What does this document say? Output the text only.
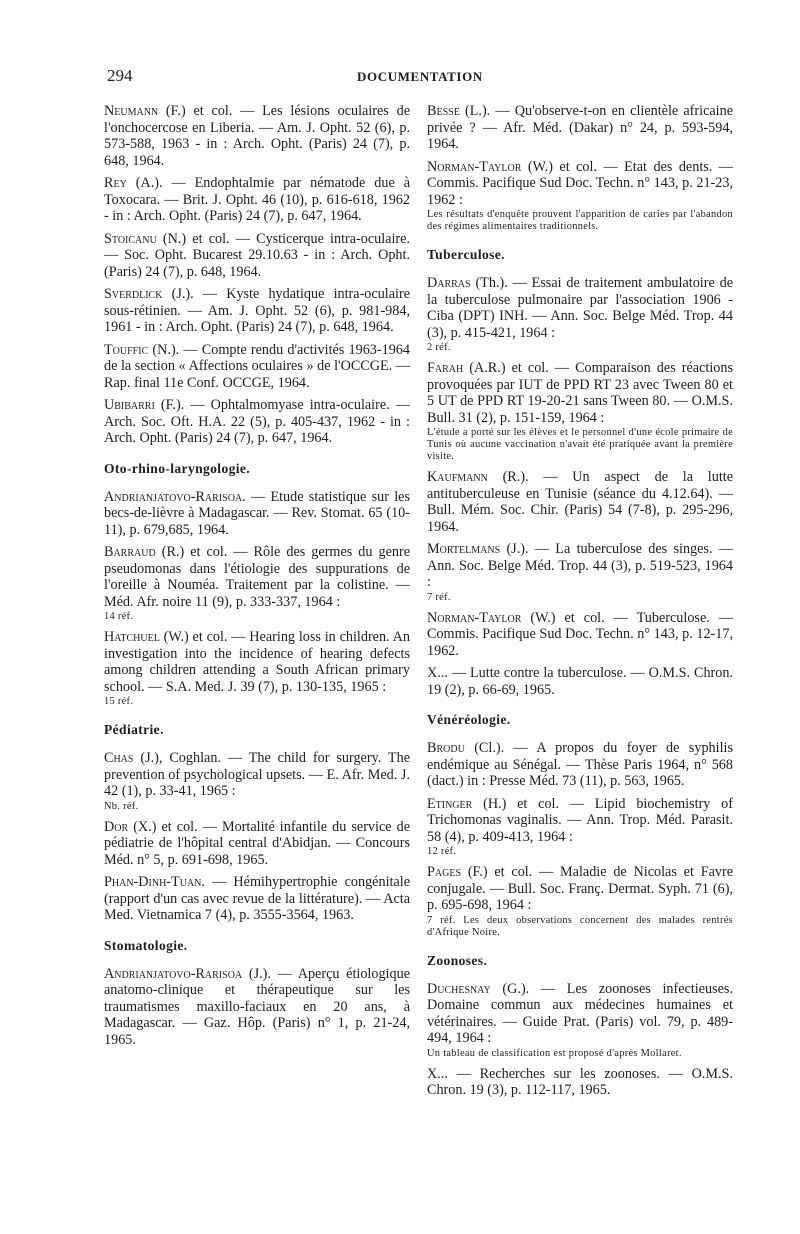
294	DOCUMENTATION
Neumann (F.) et col. — Les lésions oculaires de l'onchocercose en Liberia. — Am. J. Opht. 52 (6), p. 573-588, 1963 - in : Arch. Opht. (Paris) 24 (7), p. 648, 1964.
Rey (A.). — Endophtalmie par nématode due à Toxocara. — Brit. J. Opht. 46 (10), p. 616-618, 1962 - in : Arch. Opht. (Paris) 24 (7), p. 647, 1964.
Stoicanu (N.) et col. — Cysticerque intra-oculaire. — Soc. Opht. Bucarest 29.10.63 - in : Arch. Opht. (Paris) 24 (7), p. 648, 1964.
Sverdlick (J.). — Kyste hydatique intra-oculaire sous-rétinien. — Am. J. Opht. 52 (6), p. 981-984, 1961 - in : Arch. Opht. (Paris) 24 (7), p. 648, 1964.
Touffic (N.). — Compte rendu d'activités 1963-1964 de la section « Affections oculaires » de l'OCCGE. — Rap. final 11e Conf. OCCGE, 1964.
Ubibarri (F.). — Ophtalmomyase intra-oculaire. — Arch. Soc. Oft. H.A. 22 (5), p. 405-437, 1962 - in : Arch. Opht. (Paris) 24 (7), p. 647, 1964.
Oto-rhino-laryngologie.
Andrianjatovo-Rarisoa. — Etude statistique sur les becs-de-lièvre à Madagascar. — Rev. Stomat. 65 (10-11), p. 679,685, 1964.
Barraud (R.) et col. — Rôle des germes du genre pseudomonas dans l'étiologie des suppurations de l'oreille à Nouméa. Traitement par la colistine. — Méd. Afr. noire 11 (9), p. 333-337, 1964 :
14 réf.
Hatchuel (W.) et col. — Hearing loss in children. An investigation into the incidence of hearing defects among children attending a South African primary school. — S.A. Med. J. 39 (7), p. 130-135, 1965 :
15 réf.
Pédiatrie.
Chas (J.), Coghlan. — The child for surgery. The prevention of psychological upsets. — E. Afr. Med. J. 42 (1), p. 33-41, 1965 :
Nb. réf.
Dor (X.) et col. — Mortalité infantile du service de pédiatrie de l'hôpital central d'Abidjan. — Concours Méd. n° 5, p. 691-698, 1965.
Phan-Dinh-Tuan. — Hémihypertrophie congénitale (rapport d'un cas avec revue de la littérature). — Acta Med. Vietnamica 7 (4), p. 3555-3564, 1963.
Stomatologie.
Andrianjatovo-Rarisoa (J.). — Aperçu étiologique anatomo-clinique et thérapeutique sur les traumatismes maxillo-faciaux en 20 ans, à Madagascar. — Gaz. Hôp. (Paris) n° 1, p. 21-24, 1965.
Besse (L.). — Qu'observe-t-on en clientèle africaine privée ? — Afr. Méd. (Dakar) n° 24, p. 593-594, 1964.
Norman-Taylor (W.) et col. — Etat des dents. — Commis. Pacifique Sud Doc. Techn. n° 143, p. 21-23, 1962 :
Les résultats d'enquête prouvent l'apparition de caries par l'abandon des régimes alimentaires traditionnels.
Tuberculose.
Darras (Th.). — Essai de traitement ambulatoire de la tuberculose pulmonaire par l'association 1906 - Ciba (DPT) INH. — Ann. Soc. Belge Méd. Trop. 44 (3), p. 415-421, 1964 :
2 réf.
Farah (A.R.) et col. — Comparaison des réactions provoquées par IUT de PPD RT 23 avec Tween 80 et 5 UT de PPD RT 19-20-21 sans Tween 80. — O.M.S. Bull. 31 (2), p. 151-159, 1964 :
L'étude a porté sur les élèves et le personnel d'une école primaire de Tunis où aucune vaccination n'avait été pratiquée avant la première visite.
Kaufmann (R.). — Un aspect de la lutte antituberculeuse en Tunisie (séance du 4.12.64). — Bull. Mém. Soc. Chir. (Paris) 54 (7-8), p. 295-296, 1964.
Mortelmans (J.). — La tuberculose des singes. — Ann. Soc. Belge Méd. Trop. 44 (3), p. 519-523, 1964 :
7 réf.
Norman-Taylor (W.) et col. — Tuberculose. — Commis. Pacifique Sud Doc. Techn. n° 143, p. 12-17, 1962.
X... — Lutte contre la tuberculose. — O.M.S. Chron. 19 (2), p. 66-69, 1965.
Vénéréologie.
Brodu (Cl.). — A propos du foyer de syphilis endémique au Sénégal. — Thèse Paris 1964, n° 568 (dact.) in : Presse Méd. 73 (11), p. 563, 1965.
Etinger (H.) et col. — Lipid biochemistry of Trichomonas vaginalis. — Ann. Trop. Méd. Parasit. 58 (4), p. 409-413, 1964 :
12 réf.
Pages (F.) et col. — Maladie de Nicolas et Favre conjugale. — Bull. Soc. Franç. Dermat. Syph. 71 (6), p. 695-698, 1964 :
7 réf. Les deux observations concernent des malades rentrés d'Afrique Noire.
Zoonoses.
Duchesnay (G.). — Les zoonoses infectieuses. Domaine commun aux médecines humaines et vétérinaires. — Guide Prat. (Paris) vol. 79, p. 489-494, 1964 :
Un tableau de classification est proposé d'après Mollaret.
X... — Recherches sur les zoonoses. — O.M.S. Chron. 19 (3), p. 112-117, 1965.
